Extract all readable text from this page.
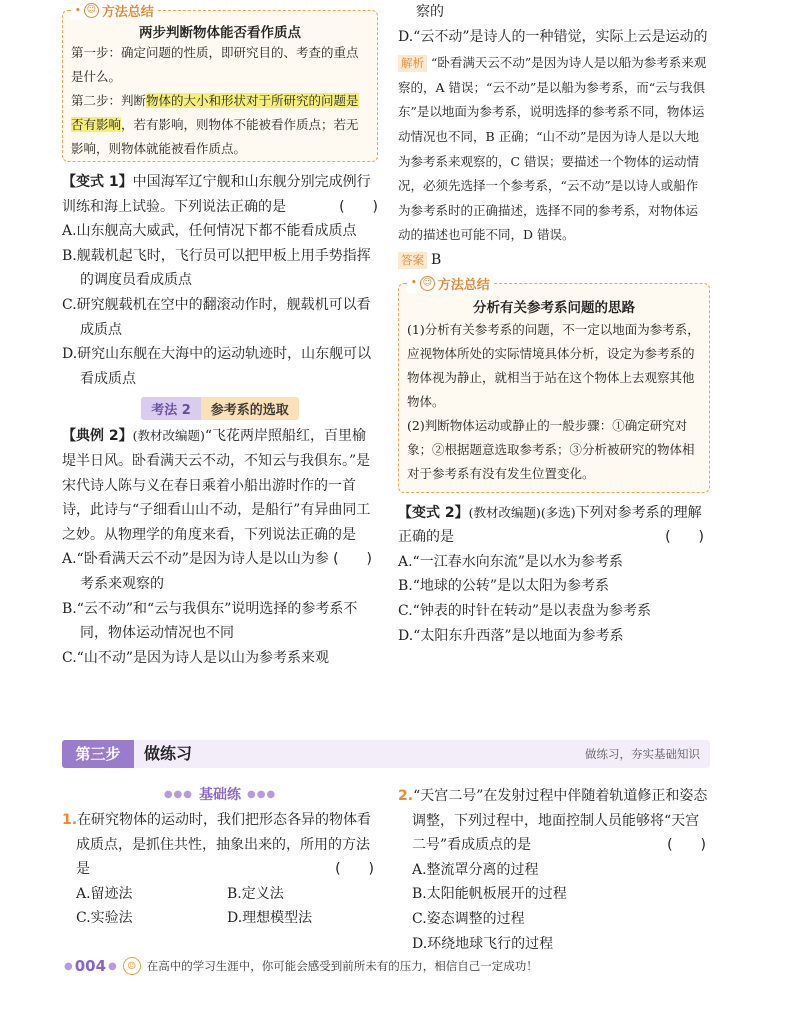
• ☺ 方法总结
两步判断物体能否看作质点
第一步：确定问题的性质，即研究目的、考查的重点是什么。
第二步：判断物体的大小和形状对于所研究的问题是否有影响，若有影响，则物体不能被看作质点；若无影响，则物体就能被看作质点。
【变式 1】中国海军辽宁舰和山东舰分别完成例行训练和海上试验。下列说法正确的是	(　　)
A.山东舰高大威武，任何情况下都不能看成质点
B.舰载机起飞时，飞行员可以把甲板上用手势指挥的调度员看成质点
C.研究舰载机在空中的翻滚动作时，舰载机可以看成质点
D.研究山东舰在大海中的运动轨迹时，山东舰可以看成质点
考法 2	参考系的选取
【典例 2】(教材改编题)“飞花两岸照船红，百里榆堤半日风。卧看满天云不动，不知云与我俱东。”是宋代诗人陈与义在春日乘着小船出游时作的一首诗，此诗与“子细看山山不动，是船行”有异曲同工之妙。从物理学的角度来看，下列说法正确的是
(　　)
A.“卧看满天云不动”是因为诗人是以山为参考系来观察的
B.“云不动”和“云与我俱东”说明选择的参考系不同，物体运动情况也不同
C.“山不动”是因为诗人是以山为参考系来观
察的
D.“云不动”是诗人的一种错觉，实际上云是运动的
解析 “卧看满天云不动”是因为诗人是以船为参考系来观察的，A 错误；“云不动”是以船为参考系，而“云与我俱东”是以地面为参考系，说明选择的参考系不同，物体运动情况也不同，B 正确；“山不动”是因为诗人是以大地为参考系来观察的，C 错误；要描述一个物体的运动情况，必须先选择一个参考系，“云不动”是以诗人或船作为参考系时的正确描述，选择不同的参考系，对物体运动的描述也可能不同，D 错误。
答案 B
• ☺ 方法总结
分析有关参考系问题的思路
(1)分析有关参考系的问题，不一定以地面为参考系，应视物体所处的实际情境具体分析，设定为参考系的物体视为静止，就相当于站在这个物体上去观察其他物体。
(2)判断物体运动或静止的一般步骤：①确定研究对象；②根据题意选取参考系；③分析被研究的物体相对于参考系有没有发生位置变化。
【变式 2】(教材改编题)(多选)下列对参考系的理解正确的是	(　　)
A.“一江春水向东流”是以水为参考系
B.“地球的公转”是以太阳为参考系
C.“钟表的时针在转动”是以表盘为参考系
D.“太阳东升西落”是以地面为参考系
第三步	做练习	做练习，夯实基础知识
●●● 基础练 ●●●
1.在研究物体的运动时，我们把形态各异的物体看成质点，是抓住共性，抽象出来的，所用的方法是	(　　)
A.留迹法	B.定义法
C.实验法	D.理想模型法
2.“天宫二号”在发射过程中伴随着轨道修正和姿态调整，下列过程中，地面控制人员能够将“天宫二号”看成质点的是	(　　)
A.整流罩分离的过程
B.太阳能帆板展开的过程
C.姿态调整的过程
D.环绕地球飞行的过程
● 004 ●	☺ 在高中的学习生涯中，你可能会感受到前所未有的压力，相信自己一定成功！
